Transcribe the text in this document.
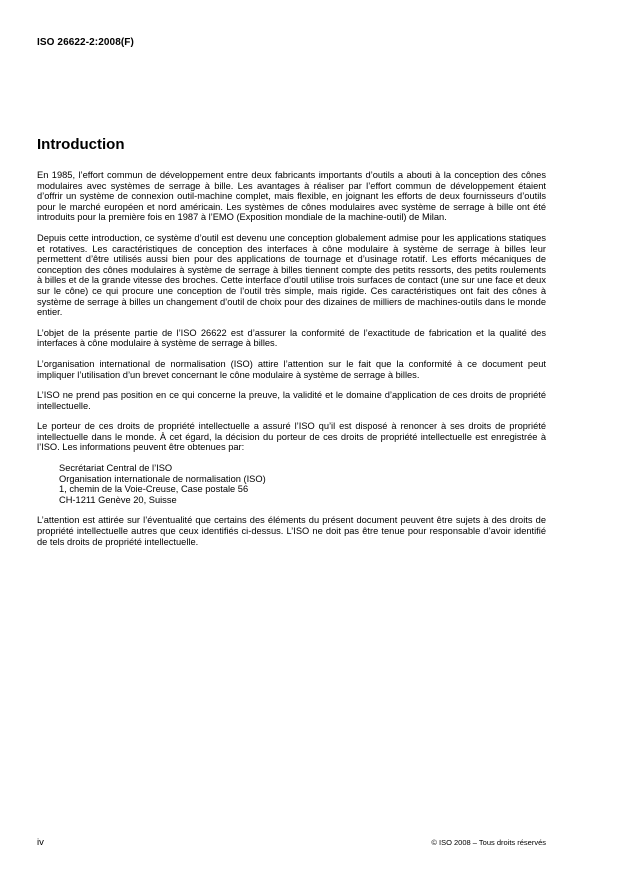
ISO 26622-2:2008(F)
Introduction

En 1985, l’effort commun de développement entre deux fabricants importants d’outils a abouti à la conception des cônes modulaires avec systèmes de serrage à bille. Les avantages à réaliser par l’effort commun de développement étaient d’offrir un système de connexion outil-machine complet, mais flexible, en joignant les efforts de deux fournisseurs d’outils pour le marché européen et nord américain. Les systèmes de cônes modulaires avec système de serrage à bille ont été introduits pour la première fois en 1987 à l’EMO (Exposition mondiale de la machine-outil) de Milan.

Depuis cette introduction, ce système d’outil est devenu une conception globalement admise pour les applications statiques et rotatives. Les caractéristiques de conception des interfaces à cône modulaire à système de serrage à billes leur permettent d’être utilisés aussi bien pour des applications de tournage et d’usinage rotatif. Les efforts mécaniques de conception des cônes modulaires à système de serrage à billes tiennent compte des petits ressorts, des petits roulements à billes et de la grande vitesse des broches. Cette interface d’outil utilise trois surfaces de contact (une sur une face et deux sur le cône) ce qui procure une conception de l’outil très simple, mais rigide. Ces caractéristiques ont fait des cônes à système de serrage à billes un changement d’outil de choix pour des dizaines de milliers de machines-outils dans le monde entier.

L’objet de la présente partie de l’ISO 26622 est d’assurer la conformité de l’exactitude de fabrication et la qualité des interfaces à cône modulaire à système de serrage à billes.

L’organisation international de normalisation (ISO) attire l’attention sur le fait que la conformité à ce document peut impliquer l’utilisation d’un brevet concernant le cône modulaire à système de serrage à billes.

L’ISO ne prend pas position en ce qui concerne la preuve, la validité et le domaine d’application de ces droits de propriété intellectuelle.

Le porteur de ces droits de propriété intellectuelle a assuré l’ISO qu’il est disposé à renoncer à ses droits de propriété intellectuelle dans le monde. À cet égard, la décision du porteur de ces droits de propriété intellectuelle est enregistrée à l’ISO. Les informations peuvent être obtenues par:

Secrétariat Central de l’ISO
Organisation internationale de normalisation (ISO)
1, chemin de la Voie-Creuse, Case postale 56
CH-1211 Genève 20, Suisse

L’attention est attirée sur l’éventualité que certains des éléments du présent document peuvent être sujets à des droits de propriété intellectuelle autres que ceux identifiés ci-dessus. L’ISO ne doit pas être tenue pour responsable d’avoir identifié de tels droits de propriété intellectuelle.

iv	© ISO 2008 – Tous droits réservés
